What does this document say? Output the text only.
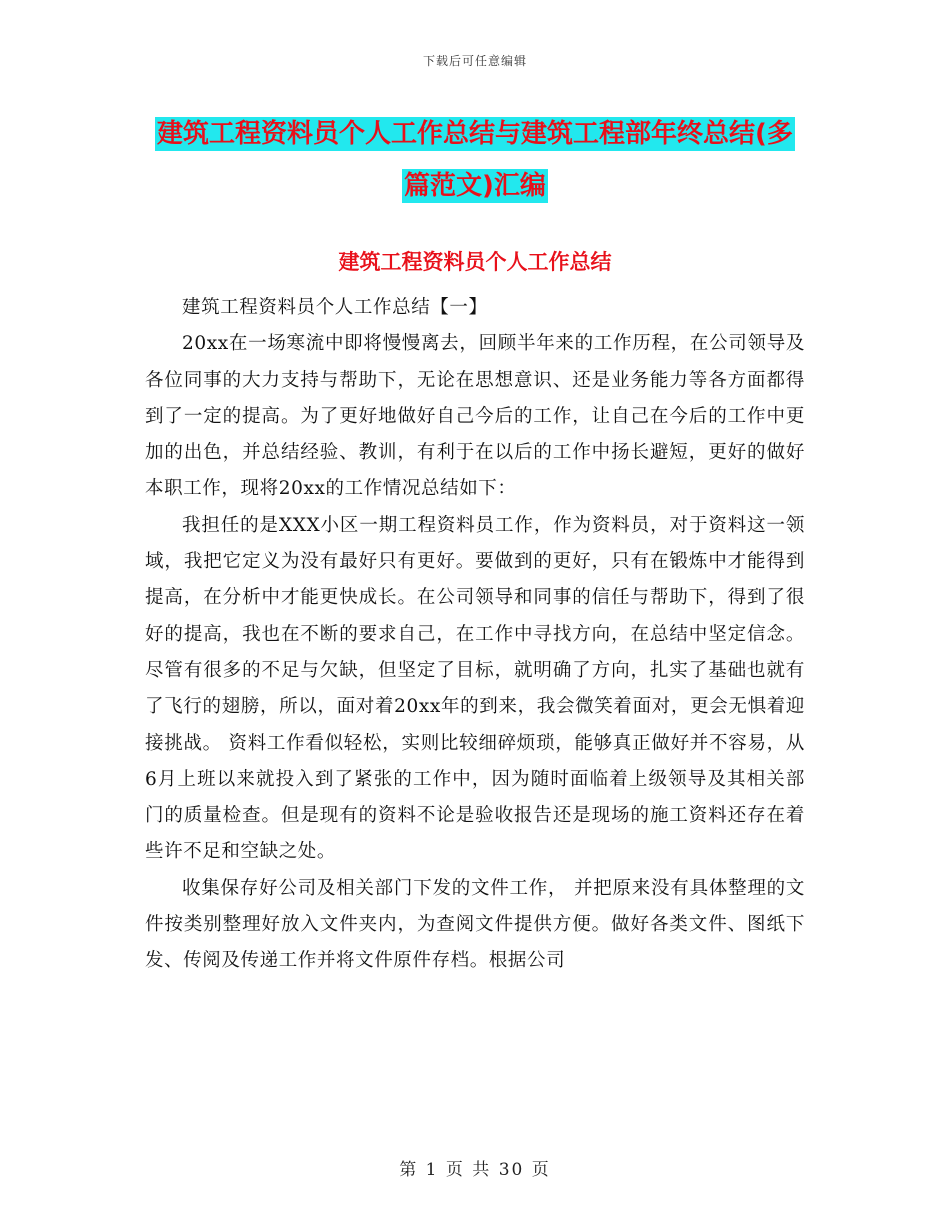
下载后可任意编辑
建筑工程资料员个人工作总结与建筑工程部年终总结(多篇范文)汇编
建筑工程资料员个人工作总结

建筑工程资料员个人工作总结【一】

20xx在一场寒流中即将慢慢离去，回顾半年来的工作历程，在公司领导及各位同事的大力支持与帮助下，无论在思想意识、还是业务能力等各方面都得到了一定的提高。为了更好地做好自己今后的工作，让自己在今后的工作中更加的出色，并总结经验、教训，有利于在以后的工作中扬长避短，更好的做好本职工作，现将20xx的工作情况总结如下：

我担任的是XXX小区一期工程资料员工作，作为资料员，对于资料这一领域，我把它定义为没有最好只有更好。要做到的更好，只有在锻炼中才能得到提高，在分析中才能更快成长。在公司领导和同事的信任与帮助下，得到了很好的提高，我也在不断的要求自己，在工作中寻找方向，在总结中坚定信念。尽管有很多的不足与欠缺，但坚定了目标，就明确了方向，扎实了基础也就有了飞行的翅膀，所以，面对着20xx年的到来，我会微笑着面对，更会无惧着迎接挑战。 资料工作看似轻松，实则比较细碎烦琐，能够真正做好并不容易，从6月上班以来就投入到了紧张的工作中，因为随时面临着上级领导及其相关部门的质量检查。但是现有的资料不论是验收报告还是现场的施工资料还存在着些许不足和空缺之处。

收集保存好公司及相关部门下发的文件工作， 并把原来没有具体整理的文件按类别整理好放入文件夹内，为查阅文件提供方便。做好各类文件、图纸下发、传阅及传递工作并将文件原件存档。根据公司

第 1 页 共 30 页
